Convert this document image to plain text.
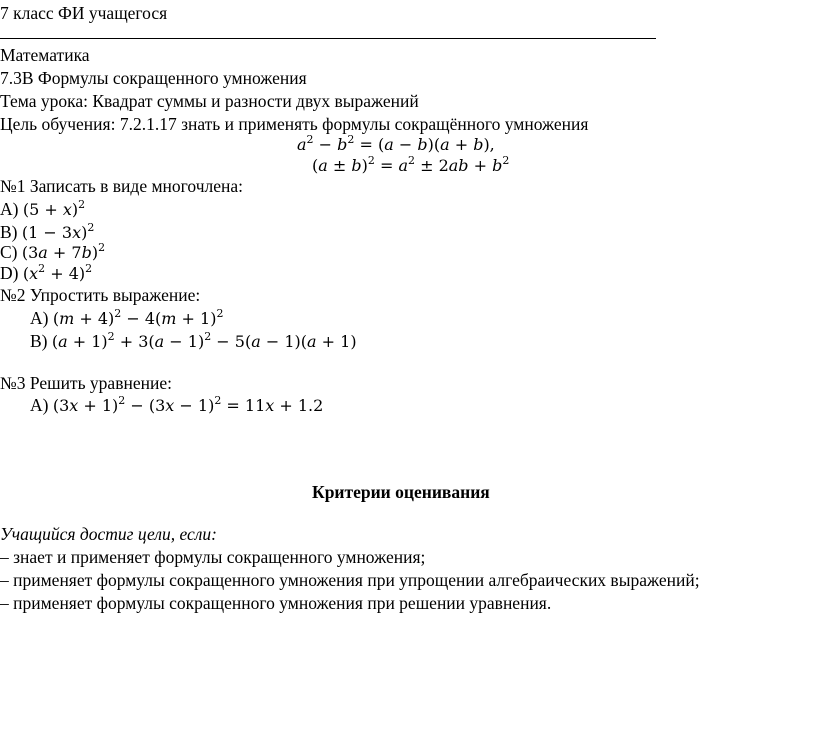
7 класс ФИ учащегося
Математика
7.3В Формулы сокращенного умножения
Тема урока: Квадрат суммы и разности двух выражений
Цель обучения: 7.2.1.17 знать и применять формулы сокращённого умножения
$a^2 - b^2 = (a - b)(a + b)$,
$(a \pm b)^2 = a^2 \pm 2ab + b^2$
№1 Записать в виде многочлена:
A) $(5 + x)^2$
B) $(1 - 3x)^2$
C) $(3a + 7b)^2$
D) $(x^2 + 4)^2$
№2 Упростить выражение:
A) $(m + 4)^2 - 4(m + 1)^2$
B) $(a + 1)^2 + 3(a - 1)^2 - 5(a - 1)(a + 1)$
№3 Решить уравнение:
A) $(3x + 1)^2 - (3x - 1)^2 = 11x + 1.2$
Критерии оценивания
Учащийся достиг цели, если:
– знает и применяет формулы сокращенного умножения;
– применяет формулы сокращенного умножения при упрощении алгебраических выражений;
– применяет формулы сокращенного умножения при решении уравнения.
